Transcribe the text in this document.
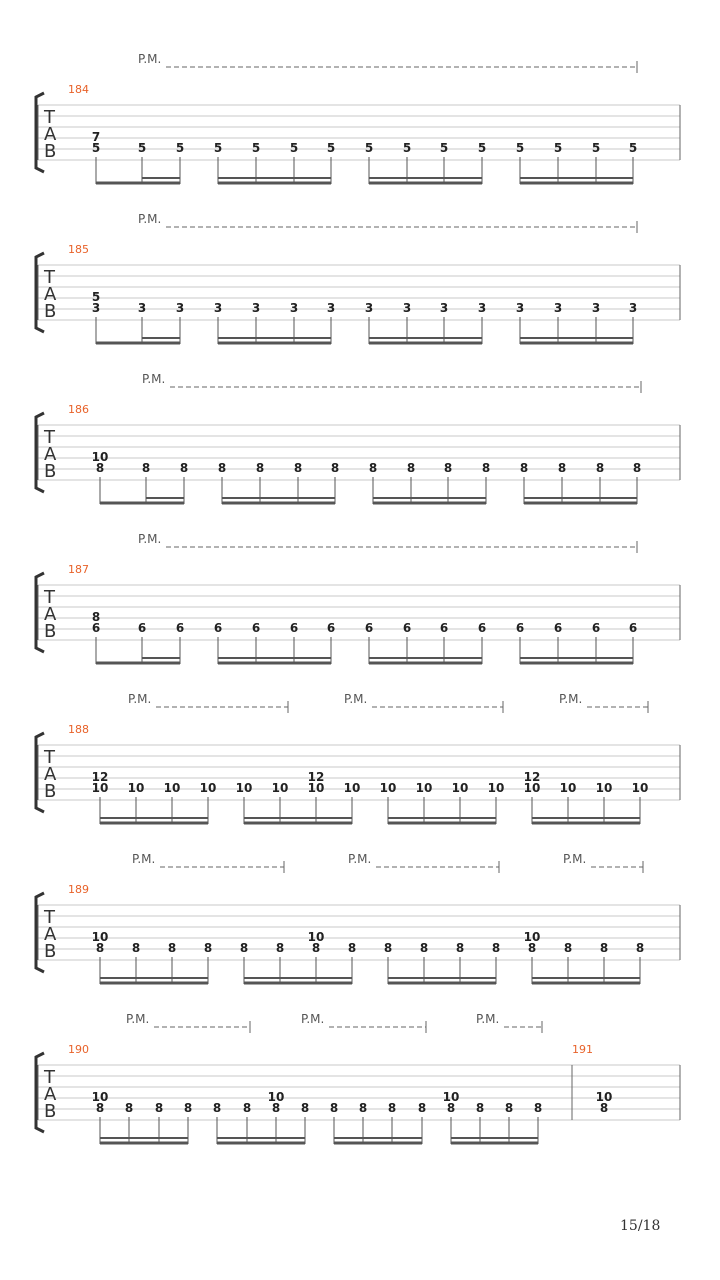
T
A
B
184
P.M.
5
7
5 5 5 5 5 5 5 5 5 5 5 5 5 5
T
A
B
185
P.M.
3
5
3 3 3 3 3 3 3 3 3 3 3 3 3 3
T
A
B
186
P.M.
8
10
8 8 8 8 8 8 8 8 8 8 8 8 8 8
T
A
B
187
P.M.
6
8
6 6 6 6 6 6 6 6 6 6 6 6 6 6
T
A
B
188
P.M.	P.M.	P.M.
10
12
10 10 10 10 10 10
12
10 10 10 10 10 10
12
10 10 10
T
A
B
189
P.M.	P.M.	P.M.
8
10
8 8 8 8 8 8
10
8 8 8 8 8 8
10
8 8 8
T
A
B
190
P.M.	P.M.	P.M.
8
10
8 8 8 8 8 8
10
8 8 8 8 8 8
10
8 8 8	8
10
191
15/18
